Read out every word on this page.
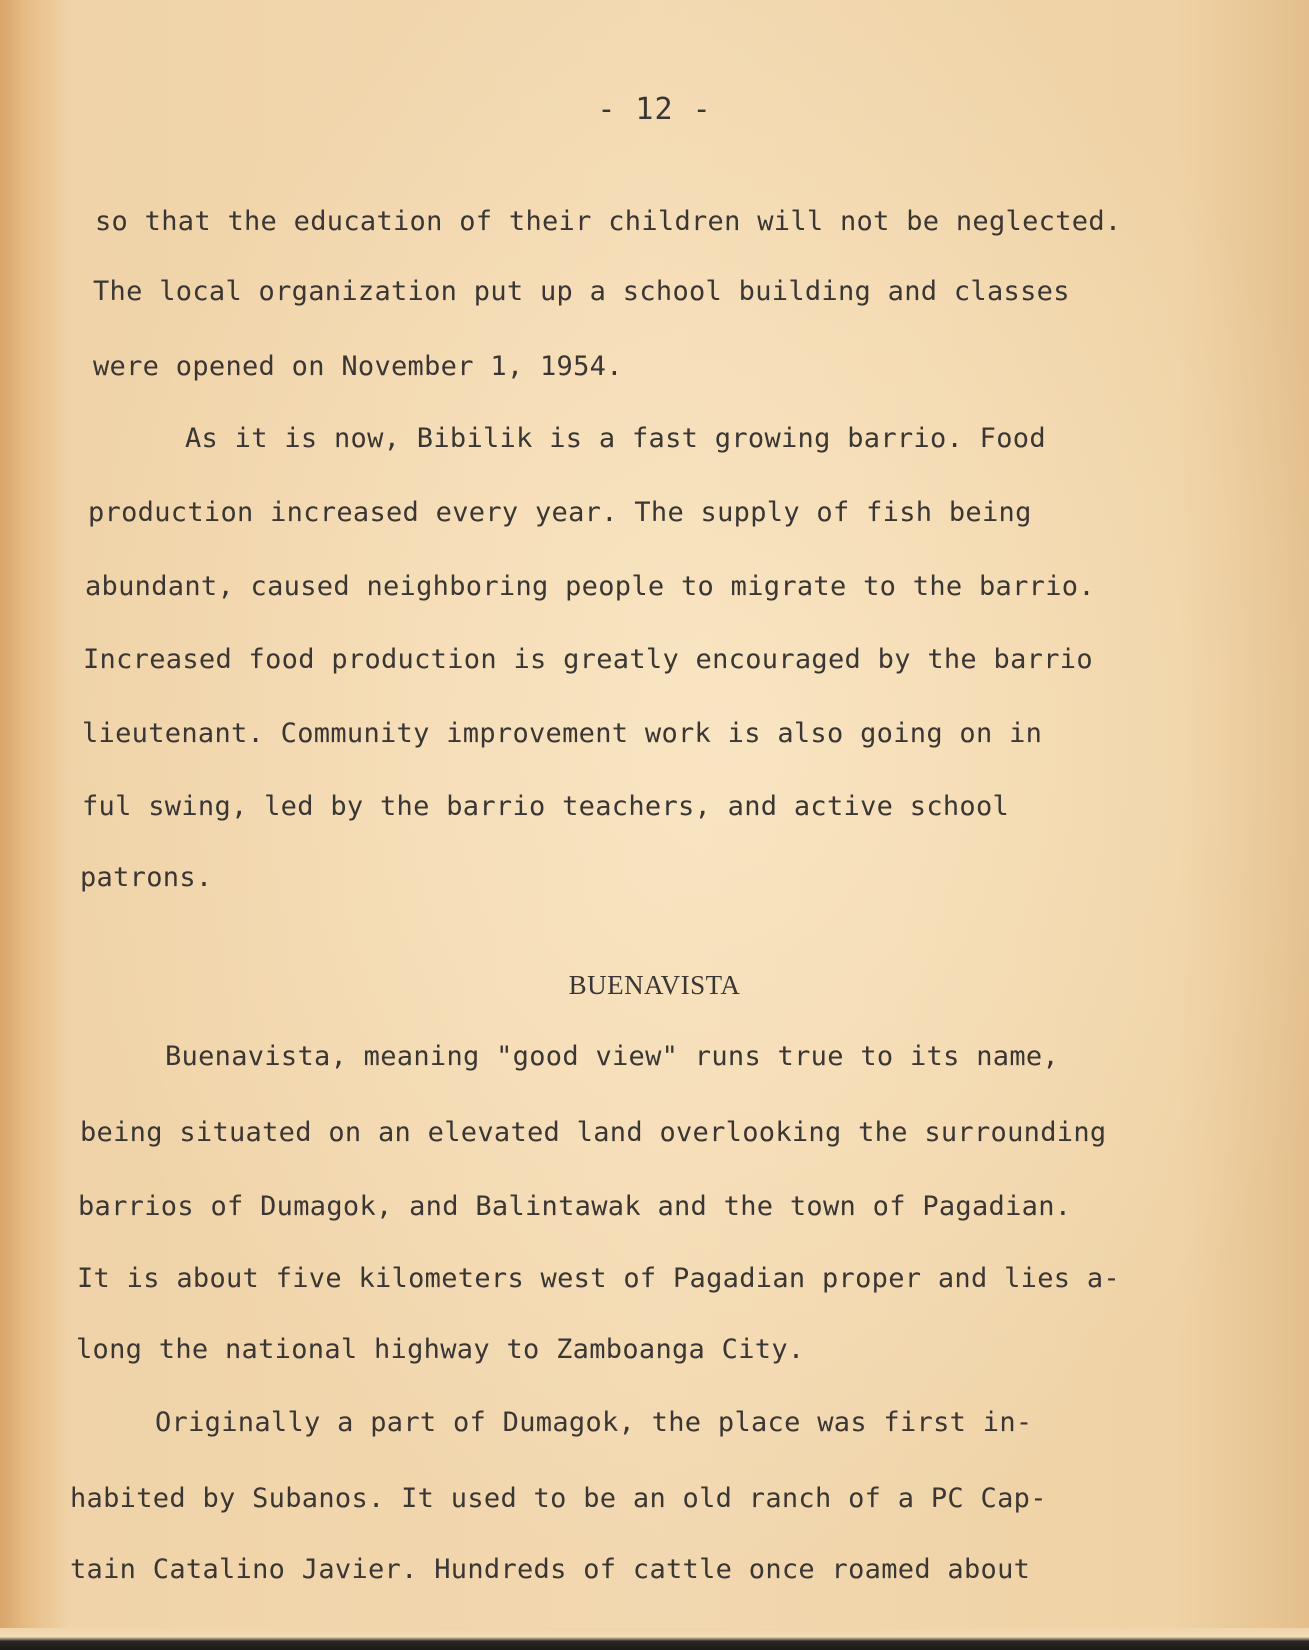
- 12 -
so that the education of their children will not be neglected.
The local organization put up a school building and classes
were opened on November 1, 1954.
As it is now, Bibilik is a fast growing barrio. Food
production increased every year. The supply of fish being
abundant, caused neighboring people to migrate to the barrio.
Increased food production is greatly encouraged by the barrio
lieutenant. Community improvement work is also going on in
ful swing, led by the barrio teachers, and active school
patrons.
BUENAVISTA
Buenavista, meaning "good view" runs true to its name,
being situated on an elevated land overlooking the surrounding
barrios of Dumagok, and Balintawak and the town of Pagadian.
It is about five kilometers west of Pagadian proper and lies a-
long the national highway to Zamboanga City.
Originally a part of Dumagok, the place was first in-
habited by Subanos. It used to be an old ranch of a PC Cap-
tain Catalino Javier. Hundreds of cattle once roamed about
